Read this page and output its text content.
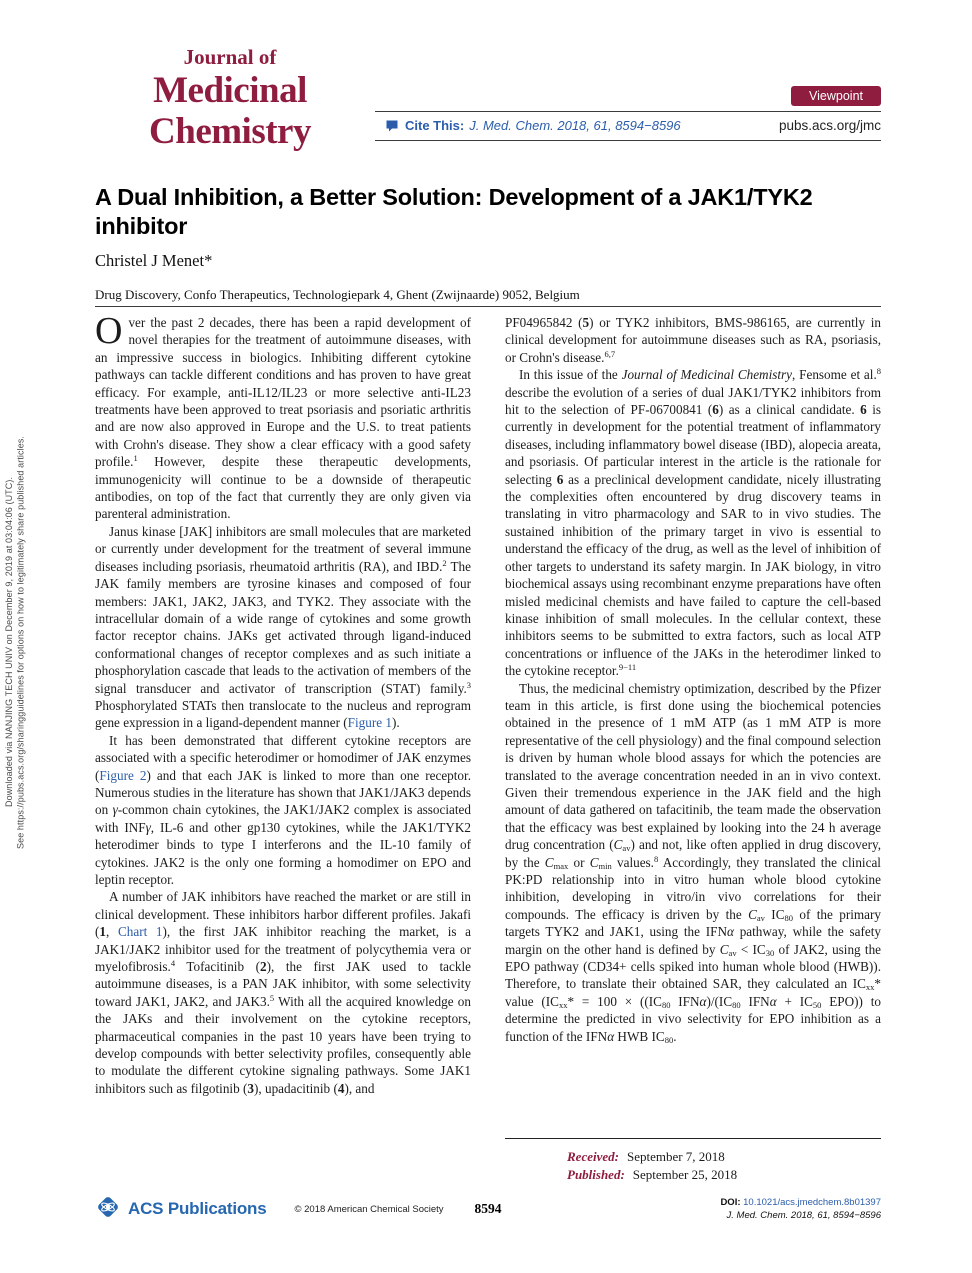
Downloaded via NANJING TECH UNIV on December 9, 2019 at 03:04:06 (UTC). See https://pubs.acs.org/sharingguidelines for options on how to legitimately share published articles.
Journal of
Medicinal
Chemistry
Viewpoint
Cite This: J. Med. Chem. 2018, 61, 8594−8596	pubs.acs.org/jmc
A Dual Inhibition, a Better Solution: Development of a JAK1/TYK2 inhibitor
Christel J Menet*
Drug Discovery, Confo Therapeutics, Technologiepark 4, Ghent (Zwijnaarde) 9052, Belgium

Over the past 2 decades, there has been a rapid development of novel therapies for the treatment of autoimmune diseases, with an impressive success in biologics. Inhibiting different cytokine pathways can tackle different conditions and has proven to have great efficacy. For example, anti-IL12/IL23 or more selective anti-IL23 treatments have been approved to treat psoriasis and psoriatic arthritis and are now also approved in Europe and the U.S. to treat patients with Crohn's disease. They show a clear efficacy with a good safety profile.$^1$ However, despite these therapeutic developments, immunogenicity will continue to be a downside of therapeutic antibodies, on top of the fact that currently they are only given via parenteral administration.

Janus kinase [JAK] inhibitors are small molecules that are marketed or currently under development for the treatment of several immune diseases including psoriasis, rheumatoid arthritis (RA), and IBD.$^2$ The JAK family members are tyrosine kinases and composed of four members: JAK1, JAK2, JAK3, and TYK2. They associate with the intracellular domain of a wide range of cytokines and some growth factor receptor chains. JAKs get activated through ligand-induced conformational changes of receptor complexes and as such initiate a phosphorylation cascade that leads to the activation of members of the signal transducer and activator of transcription (STAT) family.$^3$ Phosphorylated STATs then translocate to the nucleus and reprogram gene expression in a ligand-dependent manner (Figure 1).

It has been demonstrated that different cytokine receptors are associated with a specific heterodimer or homodimer of JAK enzymes (Figure 2) and that each JAK is linked to more than one receptor. Numerous studies in the literature has shown that JAK1/JAK3 depends on γ-common chain cytokines, the JAK1/JAK2 complex is associated with INFγ, IL-6 and other gp130 cytokines, while the JAK1/TYK2 heterodimer binds to type I interferons and the IL-10 family of cytokines. JAK2 is the only one forming a homodimer on EPO and leptin receptor.

A number of JAK inhibitors have reached the market or are still in clinical development. These inhibitors harbor different profiles. Jakafi (1, Chart 1), the first JAK inhibitor reaching the market, is a JAK1/JAK2 inhibitor used for the treatment of polycythemia vera or myelofibrosis.$^4$ Tofacitinib (2), the first JAK used to tackle autoimmune diseases, is a PAN JAK inhibitor, with some selectivity toward JAK1, JAK2, and JAK3.$^5$ With all the acquired knowledge on the JAKs and their involvement on the cytokine receptors, pharmaceutical companies in the past 10 years have been trying to develop compounds with better selectivity profiles, consequently able to modulate the different cytokine signaling pathways. Some JAK1 inhibitors such as filgotinib (3), upadacitinib (4), and

PF04965842 (5) or TYK2 inhibitors, BMS-986165, are currently in clinical development for autoimmune diseases such as RA, psoriasis, or Crohn's disease.$^{6,7}$

In this issue of the Journal of Medicinal Chemistry, Fensome et al.$^8$ describe the evolution of a series of dual JAK1/TYK2 inhibitors from hit to the selection of PF-06700841 (6) as a clinical candidate. 6 is currently in development for the potential treatment of inflammatory diseases, including inflammatory bowel disease (IBD), alopecia areata, and psoriasis. Of particular interest in the article is the rationale for selecting 6 as a preclinical development candidate, nicely illustrating the complexities often encountered by drug discovery teams in translating in vitro pharmacology and SAR to in vivo studies. The sustained inhibition of the primary target in vivo is essential to understand the efficacy of the drug, as well as the level of inhibition of other targets to understand its safety margin. In JAK biology, in vitro biochemical assays using recombinant enzyme preparations have often misled medicinal chemists and have failed to capture the cell-based kinase inhibition of small molecules. In the cellular context, these inhibitors seems to be submitted to extra factors, such as local ATP concentrations or influence of the JAKs in the heterodimer linked to the cytokine receptor.$^{9-11}$

Thus, the medicinal chemistry optimization, described by the Pfizer team in this article, is first done using the biochemical potencies obtained in the presence of 1 mM ATP (as 1 mM ATP is more representative of the cell physiology) and the final compound selection is driven by human whole blood assays for which the potencies are translated to the average concentration needed in an in vivo context. Given their tremendous experience in the JAK field and the high amount of data gathered on tafacitinib, the team made the observation that the efficacy was best explained by looking into the 24 h average drug concentration $(C_{av})$ and not, like often applied in drug discovery, by the $C_{max}$ or $C_{min}$ values.$^8$ Accordingly, they translated the clinical PK:PD relationship into in vitro human whole blood cytokine inhibition, developing in vitro/in vivo correlations for their compounds. The efficacy is driven by the $C_{av}$ $IC_{80}$ of the primary targets TYK2 and JAK1, using the IFNα pathway, while the safety margin on the other hand is defined by $C_{av} < IC_{30}$ of JAK2, using the EPO pathway (CD34+ cells spiked into human whole blood (HWB)). Therefore, to translate their obtained SAR, they calculated an $IC_{xx}*$ value ($IC_{xx}* = 100 \times ((IC_{80}$ $IFN\alpha)/(IC_{80}$ $IFN\alpha + IC_{50}$ EPO)) to determine the predicted in vivo selectivity for EPO inhibition as a function of the IFNα HWB $IC_{80}$.

Received: September 7, 2018
Published: September 25, 2018
ACS Publications	© 2018 American Chemical Society 8594	DOI: 10.1021/acs.jmedchem.8b01397
J. Med. Chem. 2018, 61, 8594−8596
